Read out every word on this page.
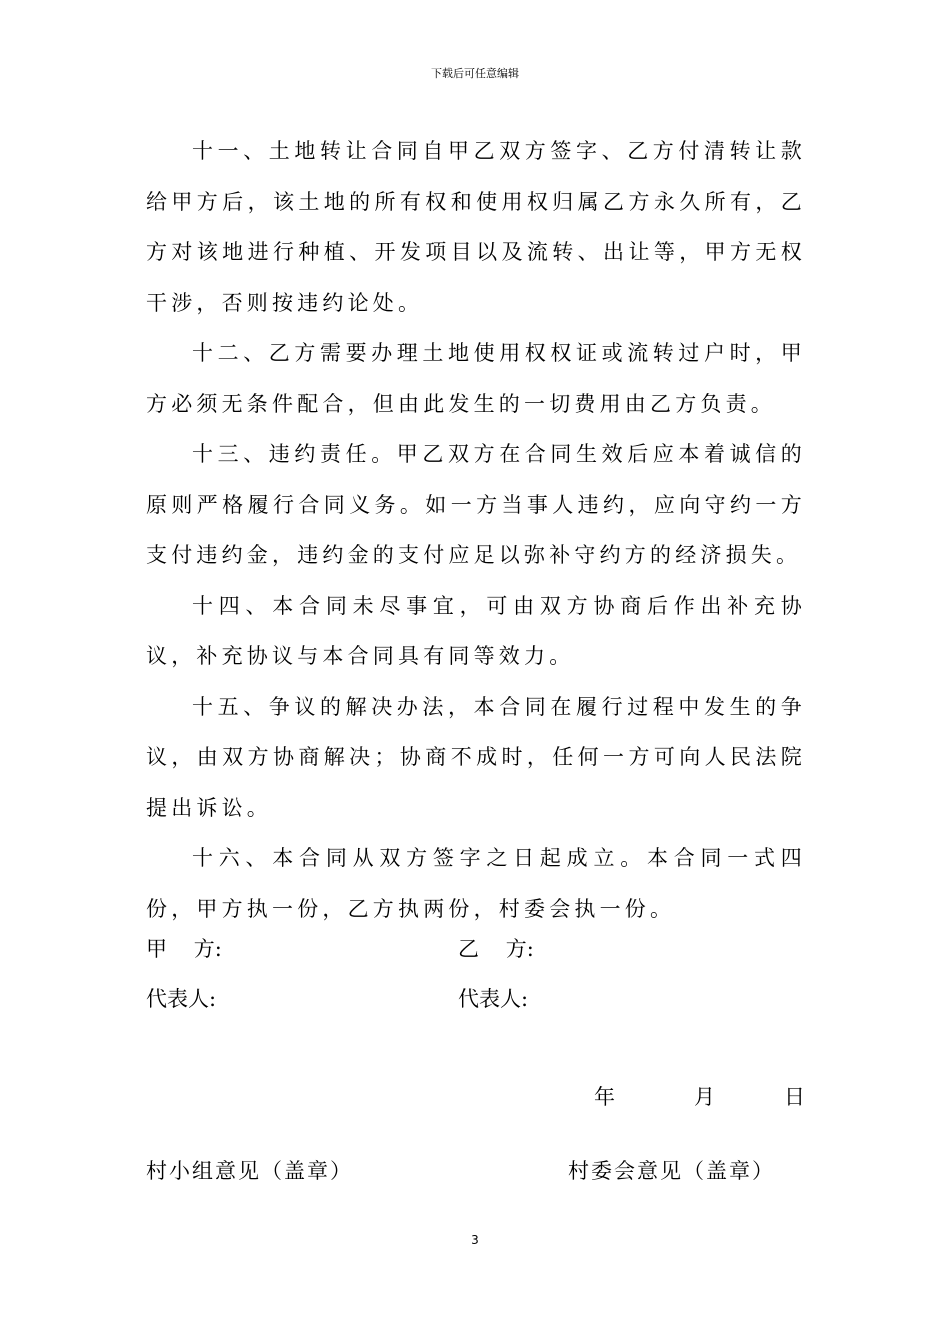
下载后可任意编辑

十一、土地转让合同自甲乙双方签字、乙方付清转让款给甲方后，该土地的所有权和使用权归属乙方永久所有，乙方对该地进行种植、开发项目以及流转、出让等，甲方无权干涉，否则按违约论处。

十二、乙方需要办理土地使用权权证或流转过户时，甲方必须无条件配合，但由此发生的一切费用由乙方负责。

十三、违约责任。甲乙双方在合同生效后应本着诚信的原则严格履行合同义务。如一方当事人违约，应向守约一方支付违约金，违约金的支付应足以弥补守约方的经济损失。

十四、本合同未尽事宜，可由双方协商后作出补充协议，补充协议与本合同具有同等效力。

十五、争议的解决办法，本合同在履行过程中发生的争议，由双方协商解决；协商不成时，任何一方可向人民法院提出诉讼。

十六、本合同从双方签字之日起成立。本合同一式四份，甲方执一份，乙方执两份，村委会执一份。

甲    方:	乙    方:
代表人:	代表人:
年	月	日
村小组意见（盖章）	村委会意见（盖章）
3
